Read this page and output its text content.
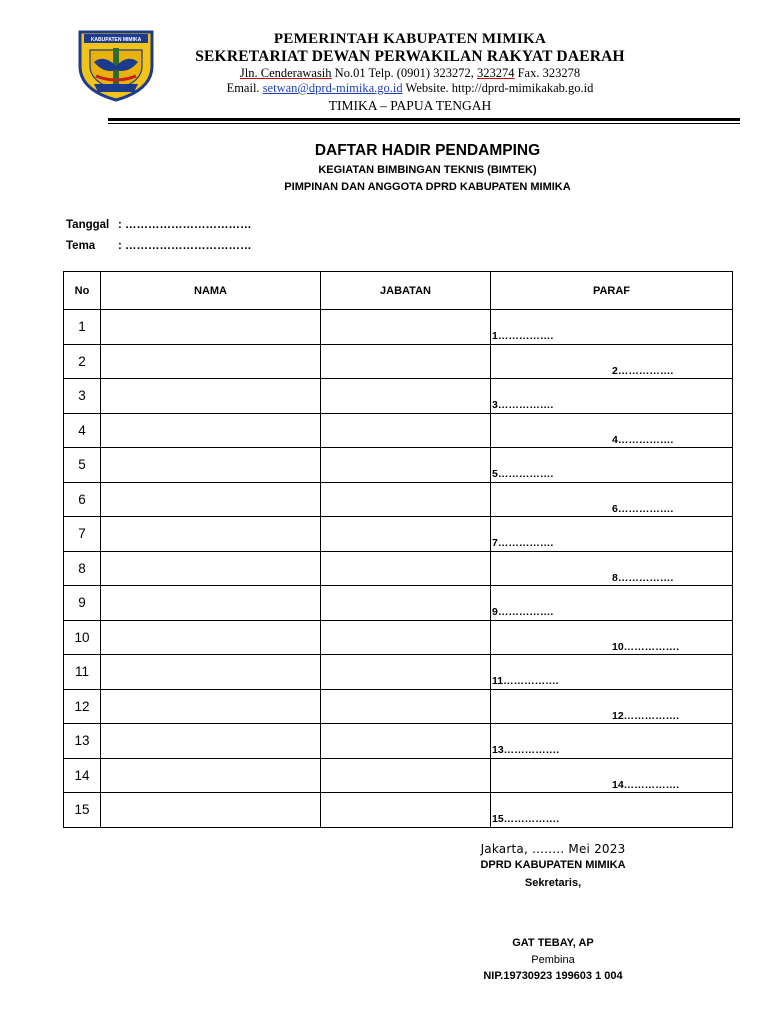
KABUPATEN MIMIKA	PEMERINTAH KABUPATEN MIMIKA
SEKRETARIAT DEWAN PERWAKILAN RAKYAT DAERAH
Jln. Cenderawasih No.01 Telp. (0901) 323272, 323274 Fax. 323278
Email. setwan@dprd-mimika.go.id Website. http://dprd-mimikakab.go.id
TIMIKA – PAPUA TENGAH
DAFTAR HADIR PENDAMPING
KEGIATAN BIMBINGAN TEKNIS (BIMTEK)
PIMPINAN DAN ANGGOTA DPRD KABUPATEN MIMIKA
Tanggal : ……………………………
Tema : ……………………………
No	NAMA	JABATAN	PARAF
1			1…………….

2			2…………….

3			3…………….

4			4…………….

5			5…………….

6			6…………….

7			7…………….

8			8…………….

9			9…………….

10			10…………….

11			11…………….

12			12…………….

13			13…………….

14			14…………….

15			15…………….
Jakarta, …….. Mei 2023
DPRD KABUPATEN MIMIKA
Sekretaris,
GAT TEBAY, AP
Pembina
NIP.19730923 199603 1 004
